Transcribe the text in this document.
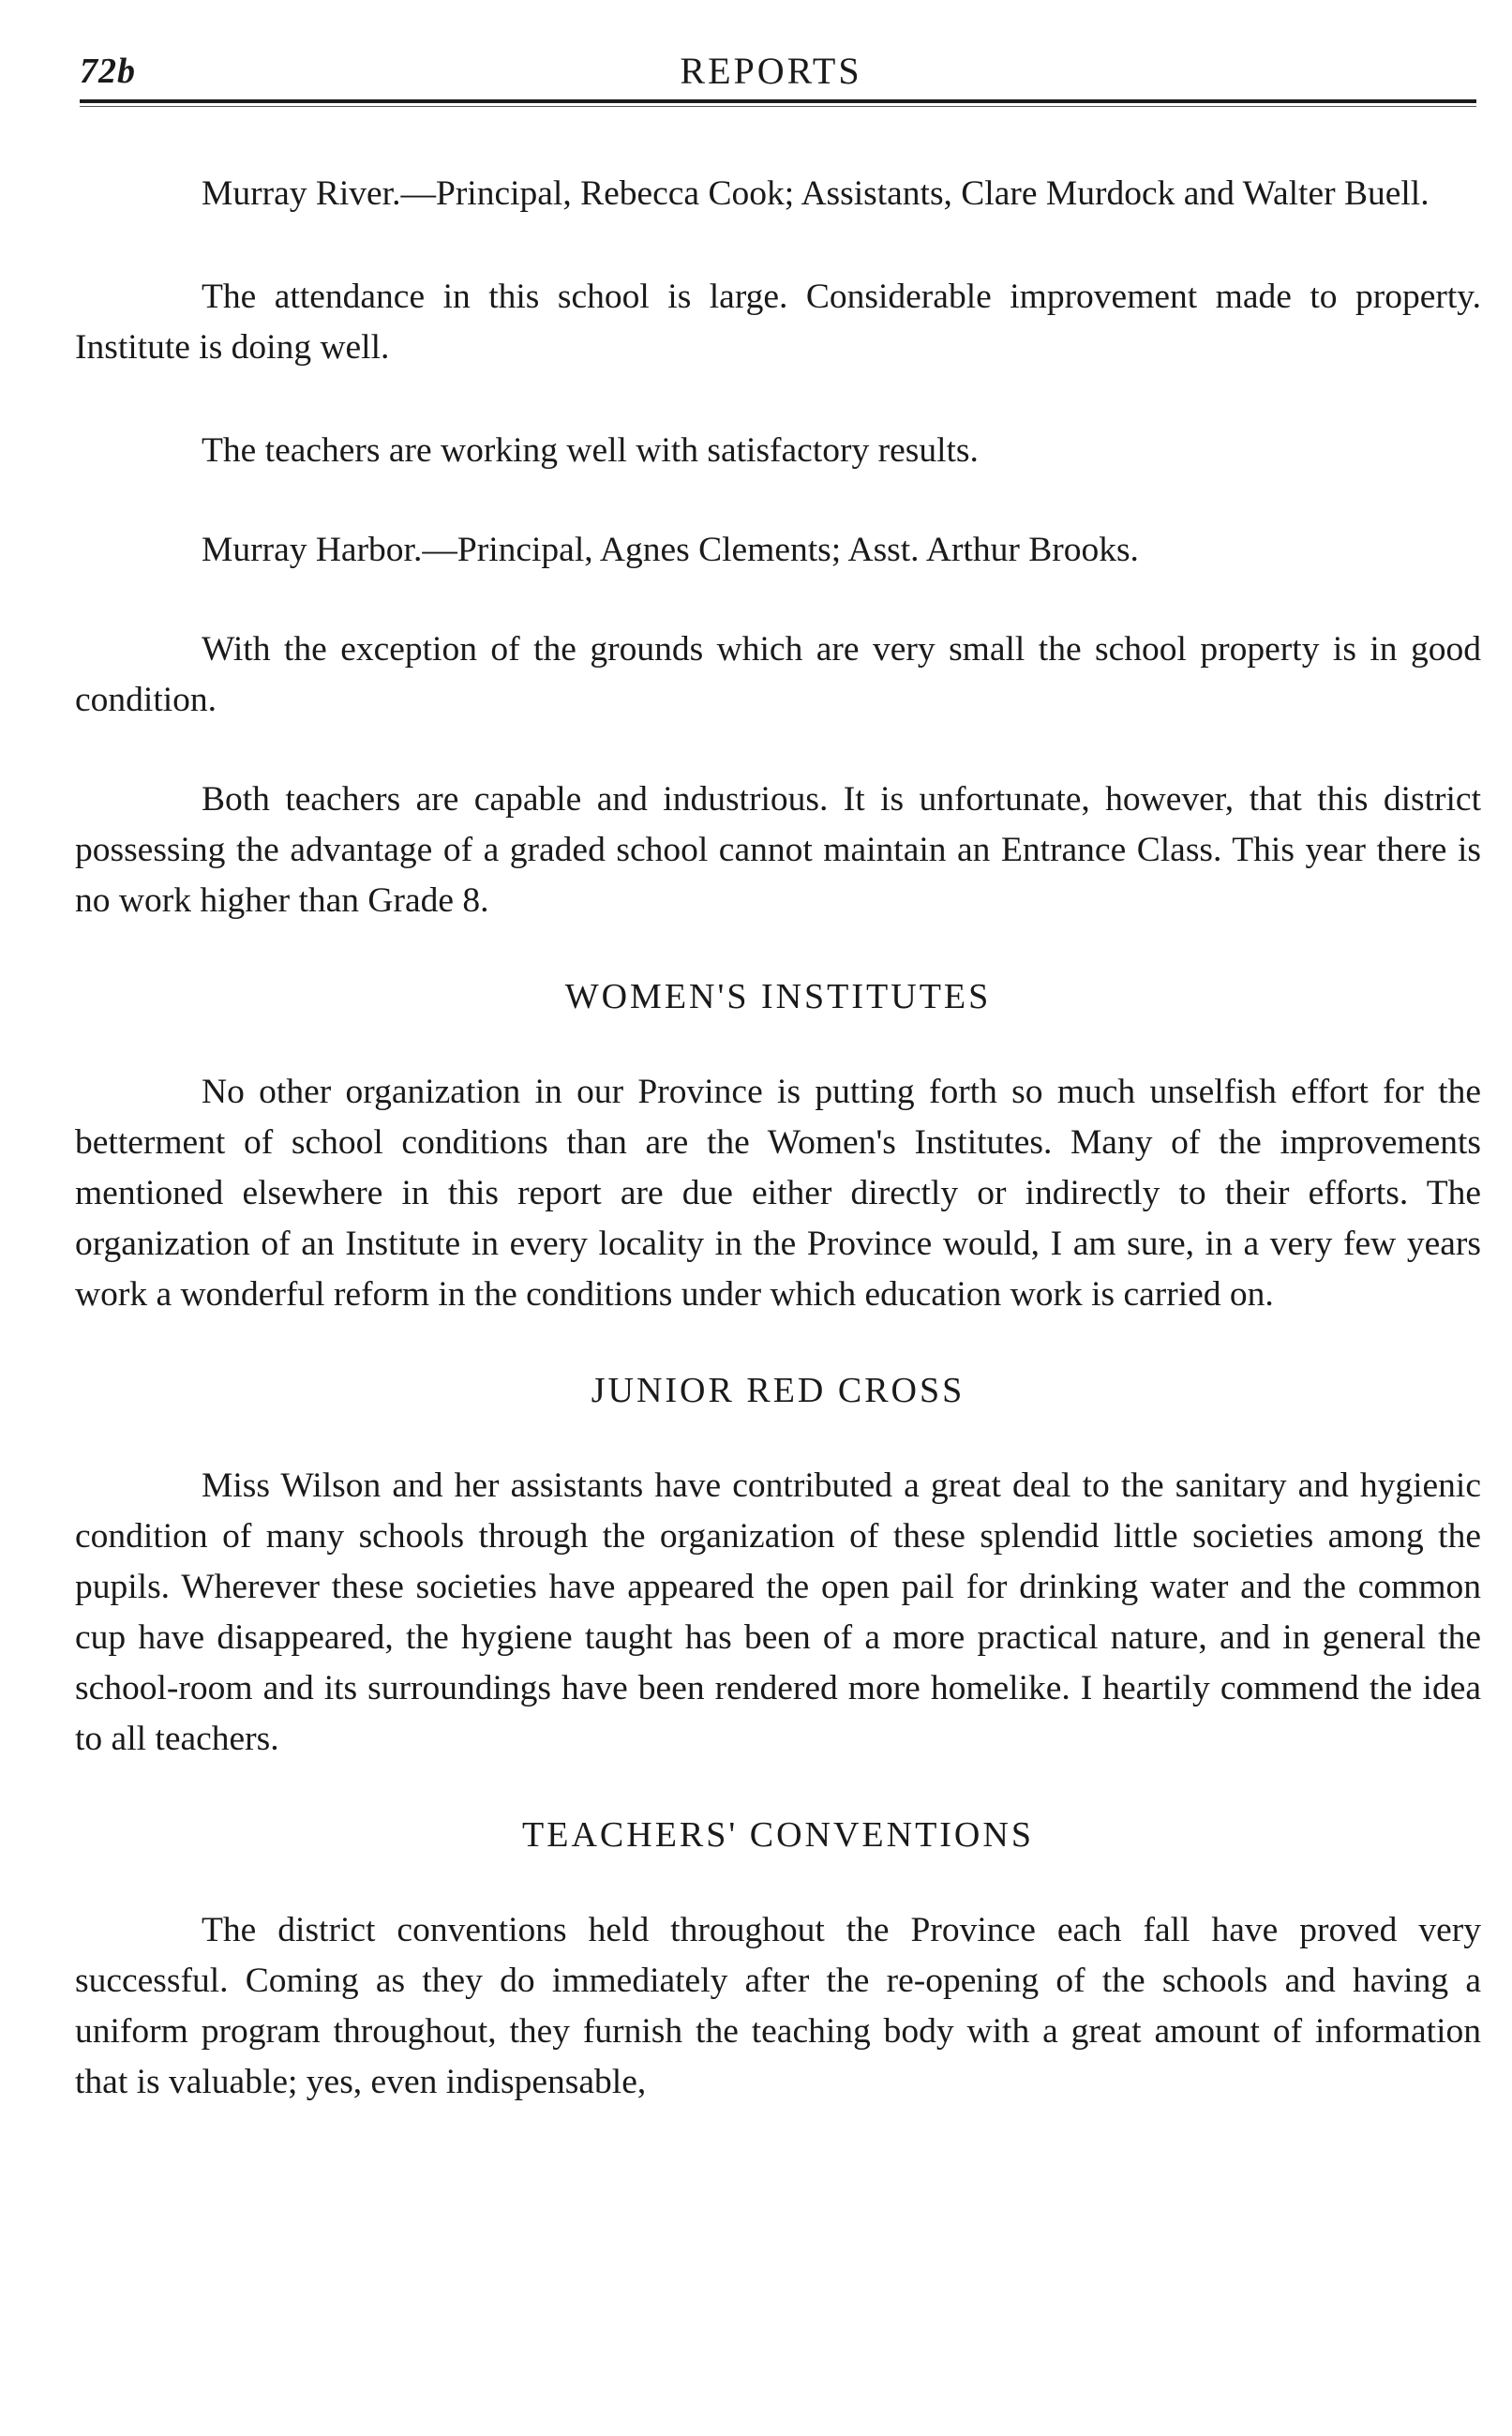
72b	REPORTS

Murray River.—Principal, Rebecca Cook; Assistants, Clare Murdock and Walter Buell.

The attendance in this school is large. Considerable improvement made to property. Institute is doing well.

The teachers are working well with satisfactory results.

Murray Harbor.—Principal, Agnes Clements; Asst. Arthur Brooks.

With the exception of the grounds which are very small the school property is in good condition.

Both teachers are capable and industrious. It is unfortunate, however, that this district possessing the advantage of a graded school cannot maintain an Entrance Class. This year there is no work higher than Grade 8.

WOMEN'S INSTITUTES

No other organization in our Province is putting forth so much unselfish effort for the betterment of school conditions than are the Women's Institutes. Many of the improvements mentioned elsewhere in this report are due either directly or indirectly to their efforts. The organization of an Institute in every locality in the Province would, I am sure, in a very few years work a wonderful reform in the conditions under which education work is carried on.

JUNIOR RED CROSS

Miss Wilson and her assistants have contributed a great deal to the sanitary and hygienic condition of many schools through the organization of these splendid little societies among the pupils. Wherever these societies have appeared the open pail for drinking water and the common cup have disappeared, the hygiene taught has been of a more practical nature, and in general the school-room and its surroundings have been rendered more homelike. I heartily commend the idea to all teachers.

TEACHERS' CONVENTIONS

The district conventions held throughout the Province each fall have proved very successful. Coming as they do immediately after the re-opening of the schools and having a uniform program throughout, they furnish the teaching body with a great amount of information that is valuable; yes, even indispensable,
